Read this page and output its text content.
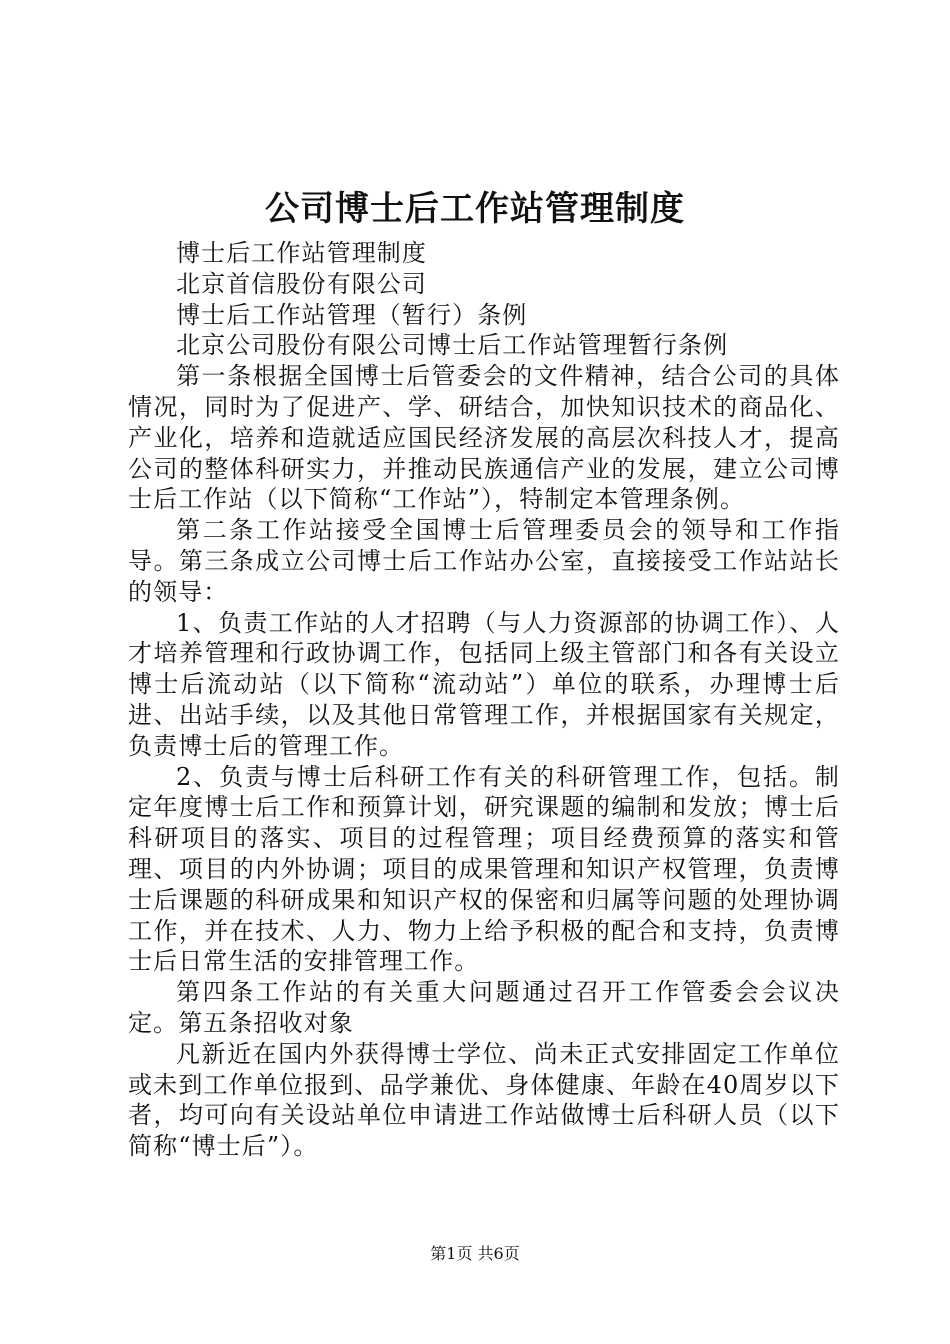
公司博士后工作站管理制度

博士后工作站管理制度

北京首信股份有限公司

博士后工作站管理（暂行）条例

北京公司股份有限公司博士后工作站管理暂行条例

第一条根据全国博士后管委会的文件精神，结合公司的具体情况，同时为了促进产、学、研结合，加快知识技术的商品化、产业化，培养和造就适应国民经济发展的高层次科技人才，提高公司的整体科研实力，并推动民族通信产业的发展，建立公司博士后工作站（以下简称“工作站”），特制定本管理条例。

第二条工作站接受全国博士后管理委员会的领导和工作指导。第三条成立公司博士后工作站办公室，直接接受工作站站长的领导：

1、负责工作站的人才招聘（与人力资源部的协调工作）、人才培养管理和行政协调工作，包括同上级主管部门和各有关设立博士后流动站（以下简称“流动站”）单位的联系，办理博士后进、出站手续，以及其他日常管理工作，并根据国家有关规定，负责博士后的管理工作。

2、负责与博士后科研工作有关的科研管理工作，包括。制定年度博士后工作和预算计划，研究课题的编制和发放；博士后科研项目的落实、项目的过程管理；项目经费预算的落实和管理、项目的内外协调；项目的成果管理和知识产权管理，负责博士后课题的科研成果和知识产权的保密和归属等问题的处理协调工作，并在技术、人力、物力上给予积极的配合和支持，负责博士后日常生活的安排管理工作。

第四条工作站的有关重大问题通过召开工作管委会会议决定。第五条招收对象

凡新近在国内外获得博士学位、尚未正式安排固定工作单位或未到工作单位报到、品学兼优、身体健康、年龄在40周岁以下者，均可向有关设站单位申请进工作站做博士后科研人员（以下简称“博士后”）。

第1页 共6页
